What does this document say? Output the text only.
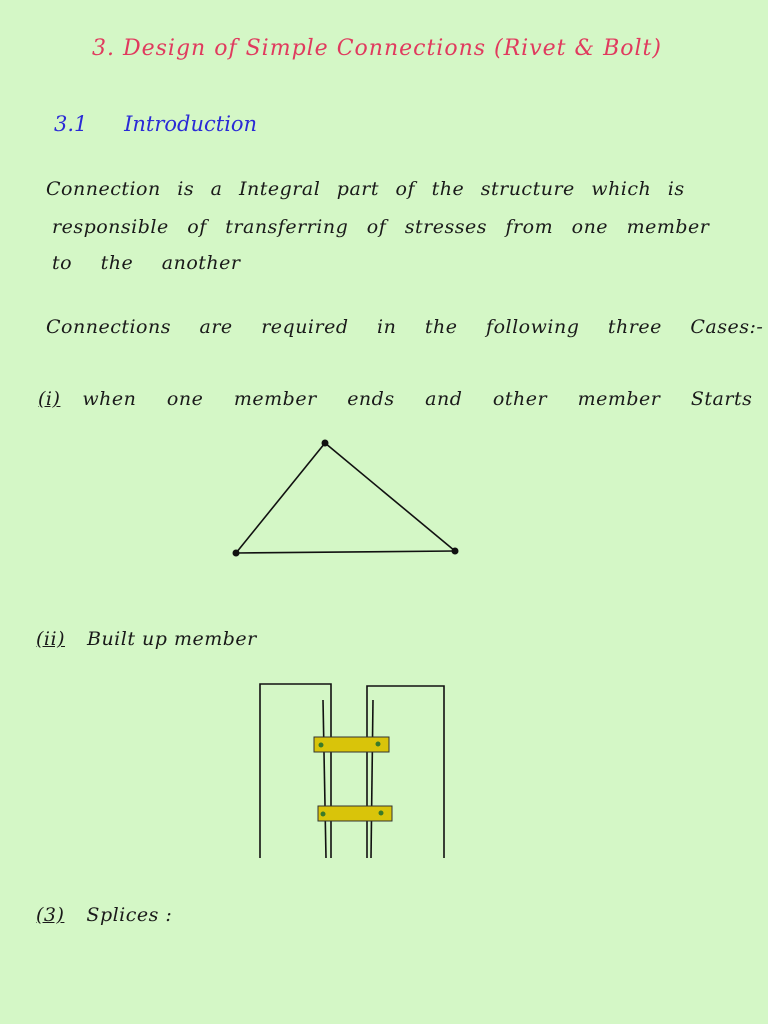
3. Design of Simple Connections (Rivet & Bolt)
3.1 Introduction
Connection is a Integral part of the structure which is
responsible of transferring of stresses from one member
to the another
Connections are required in the following three Cases:-
(i) when one member ends and other member Starts
(ii) Built up member
(3) Splices :
